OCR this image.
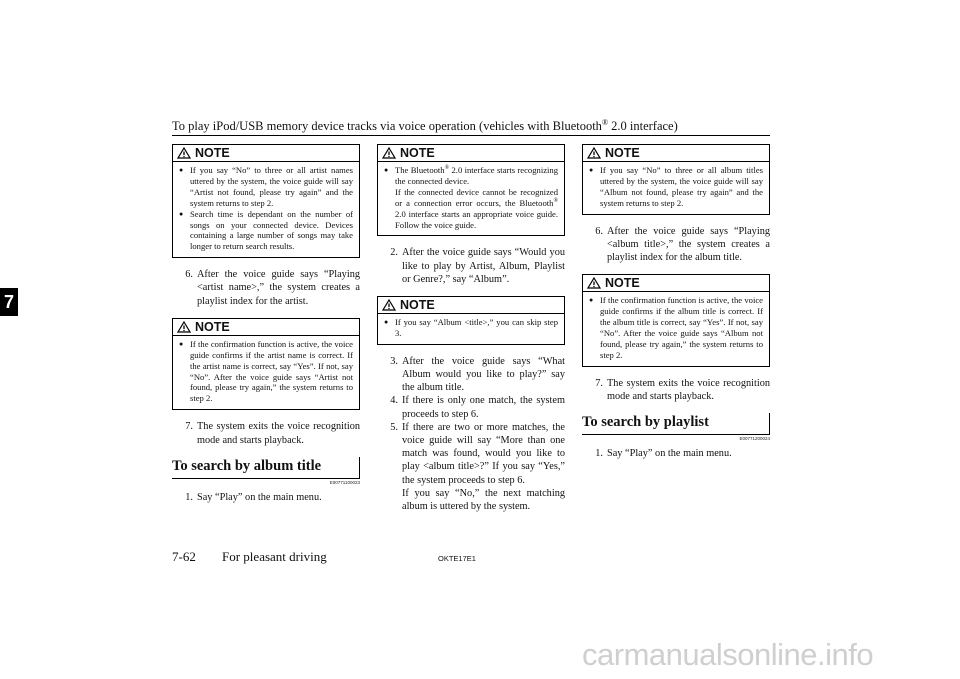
To play iPod/USB memory device tracks via voice operation (vehicles with Bluetooth® 2.0 interface)
7
NOTE
● If you say “No” to three or all artist names uttered by the system, the voice guide will say “Artist not found, please try again” and the system returns to step 2.
● Search time is dependant on the number of songs on your connected device. Devices containing a large number of songs may take longer to return search results.
6. After the voice guide says “Playing <artist name>,” the system creates a playlist index for the artist.
NOTE
● If the confirmation function is active, the voice guide confirms if the artist name is correct. If the artist name is correct, say “Yes”. If not, say “No”. After the voice guide says “Artist not found, please try again,” the system returns to step 2.
7. The system exits the voice recognition mode and starts playback.
To search by album title
E00771100023
1. Say “Play” on the main menu.
NOTE
● The Bluetooth® 2.0 interface starts recognizing the connected device.
If the connected device cannot be recognized or a connection error occurs, the Bluetooth® 2.0 interface starts an appropriate voice guide. Follow the voice guide.
2. After the voice guide says “Would you like to play by Artist, Album, Playlist or Genre?,” say “Album”.
NOTE
● If you say “Album <title>,” you can skip step 3.
3. After the voice guide says “What Album would you like to play?” say the album title.
4. If there is only one match, the system proceeds to step 6.
5. If there are two or more matches, the voice guide will say “More than one match was found, would you like to play <album title>?” If you say “Yes,” the system proceeds to step 6.
If you say “No,” the next matching album is uttered by the system.
NOTE
● If you say “No” to three or all album titles uttered by the system, the voice guide will say “Album not found, please try again” and the system returns to step 2.
6. After the voice guide says “Playing <album title>,” the system creates a playlist index for the album title.
NOTE
● If the confirmation function is active, the voice guide confirms if the album title is correct. If the album title is correct, say “Yes”. If not, say “No”. After the voice guide says “Album not found, please try again,” the system returns to step 2.
7. The system exits the voice recognition mode and starts playback.
To search by playlist
E00771200024
1. Say “Play” on the main menu.
7-62 For pleasant driving	OKTE17E1
carmanualsonline.info
